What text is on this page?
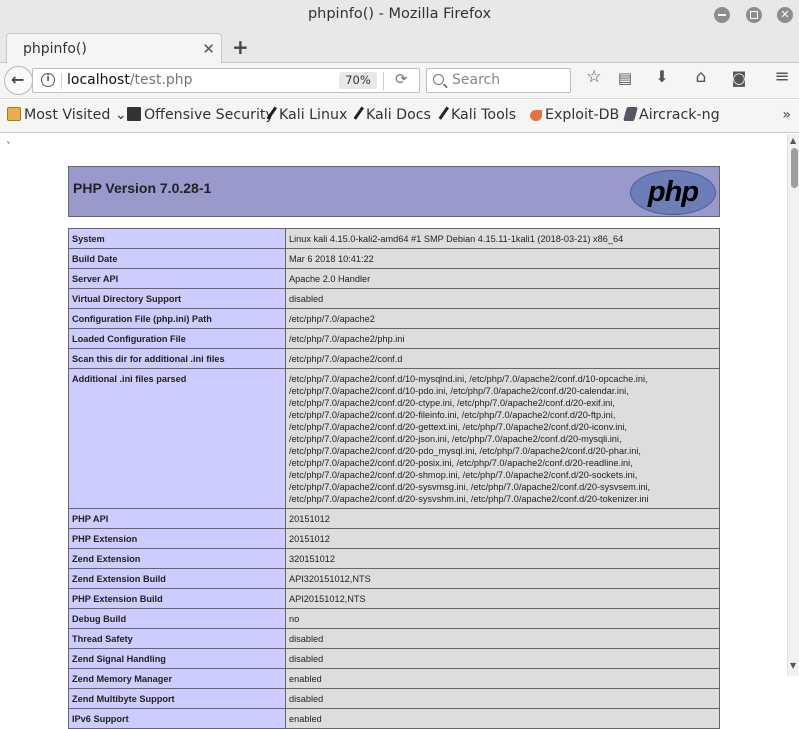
phpinfo() - Mozilla Firefox	✕
phpinfo()	✕ +
i	localhost/test.php	70%	⟳ ←	Search	☆ ▤ ⬇	⌂	◙ ≡
Most Visited ⌄	Offensive Security Kali Linux	Kali Docs	Kali Tools	Exploit-DB	Aircrack-ng	»
`
PHP Version 7.0.28-1	php
System	Linux kali 4.15.0-kali2-amd64 #1 SMP Debian 4.15.11-1kali1 (2018-03-21) x86_64
Build Date	Mar 6 2018 10:41:22
Server API	Apache 2.0 Handler
Virtual Directory Support	disabled
Configuration File (php.ini) Path	/etc/php/7.0/apache2
Loaded Configuration File	/etc/php/7.0/apache2/php.ini
Scan this dir for additional .ini files	/etc/php/7.0/apache2/conf.d
Additional .ini files parsed	/etc/php/7.0/apache2/conf.d/10-mysqlnd.ini, /etc/php/7.0/apache2/conf.d/10-opcache.ini, /etc/php/7.0/apache2/conf.d/10-pdo.ini, /etc/php/7.0/apache2/conf.d/20-calendar.ini, /etc/php/7.0/apache2/conf.d/20-ctype.ini, /etc/php/7.0/apache2/conf.d/20-exif.ini, /etc/php/7.0/apache2/conf.d/20-fileinfo.ini, /etc/php/7.0/apache2/conf.d/20-ftp.ini, /etc/php/7.0/apache2/conf.d/20-gettext.ini, /etc/php/7.0/apache2/conf.d/20-iconv.ini, /etc/php/7.0/apache2/conf.d/20-json.ini, /etc/php/7.0/apache2/conf.d/20-mysqli.ini, /etc/php/7.0/apache2/conf.d/20-pdo_mysql.ini, /etc/php/7.0/apache2/conf.d/20-phar.ini, /etc/php/7.0/apache2/conf.d/20-posix.ini, /etc/php/7.0/apache2/conf.d/20-readline.ini, /etc/php/7.0/apache2/conf.d/20-shmop.ini, /etc/php/7.0/apache2/conf.d/20-sockets.ini, /etc/php/7.0/apache2/conf.d/20-sysvmsg.ini, /etc/php/7.0/apache2/conf.d/20-sysvsem.ini, /etc/php/7.0/apache2/conf.d/20-sysvshm.ini, /etc/php/7.0/apache2/conf.d/20-tokenizer.ini
PHP API	20151012
PHP Extension	20151012
Zend Extension	320151012
Zend Extension Build	API320151012,NTS
PHP Extension Build	API20151012,NTS
Debug Build	no
Thread Safety	disabled
Zend Signal Handling	disabled
Zend Memory Manager	enabled
Zend Multibyte Support	disabled
IPv6 Support	enabled
▲
▼
